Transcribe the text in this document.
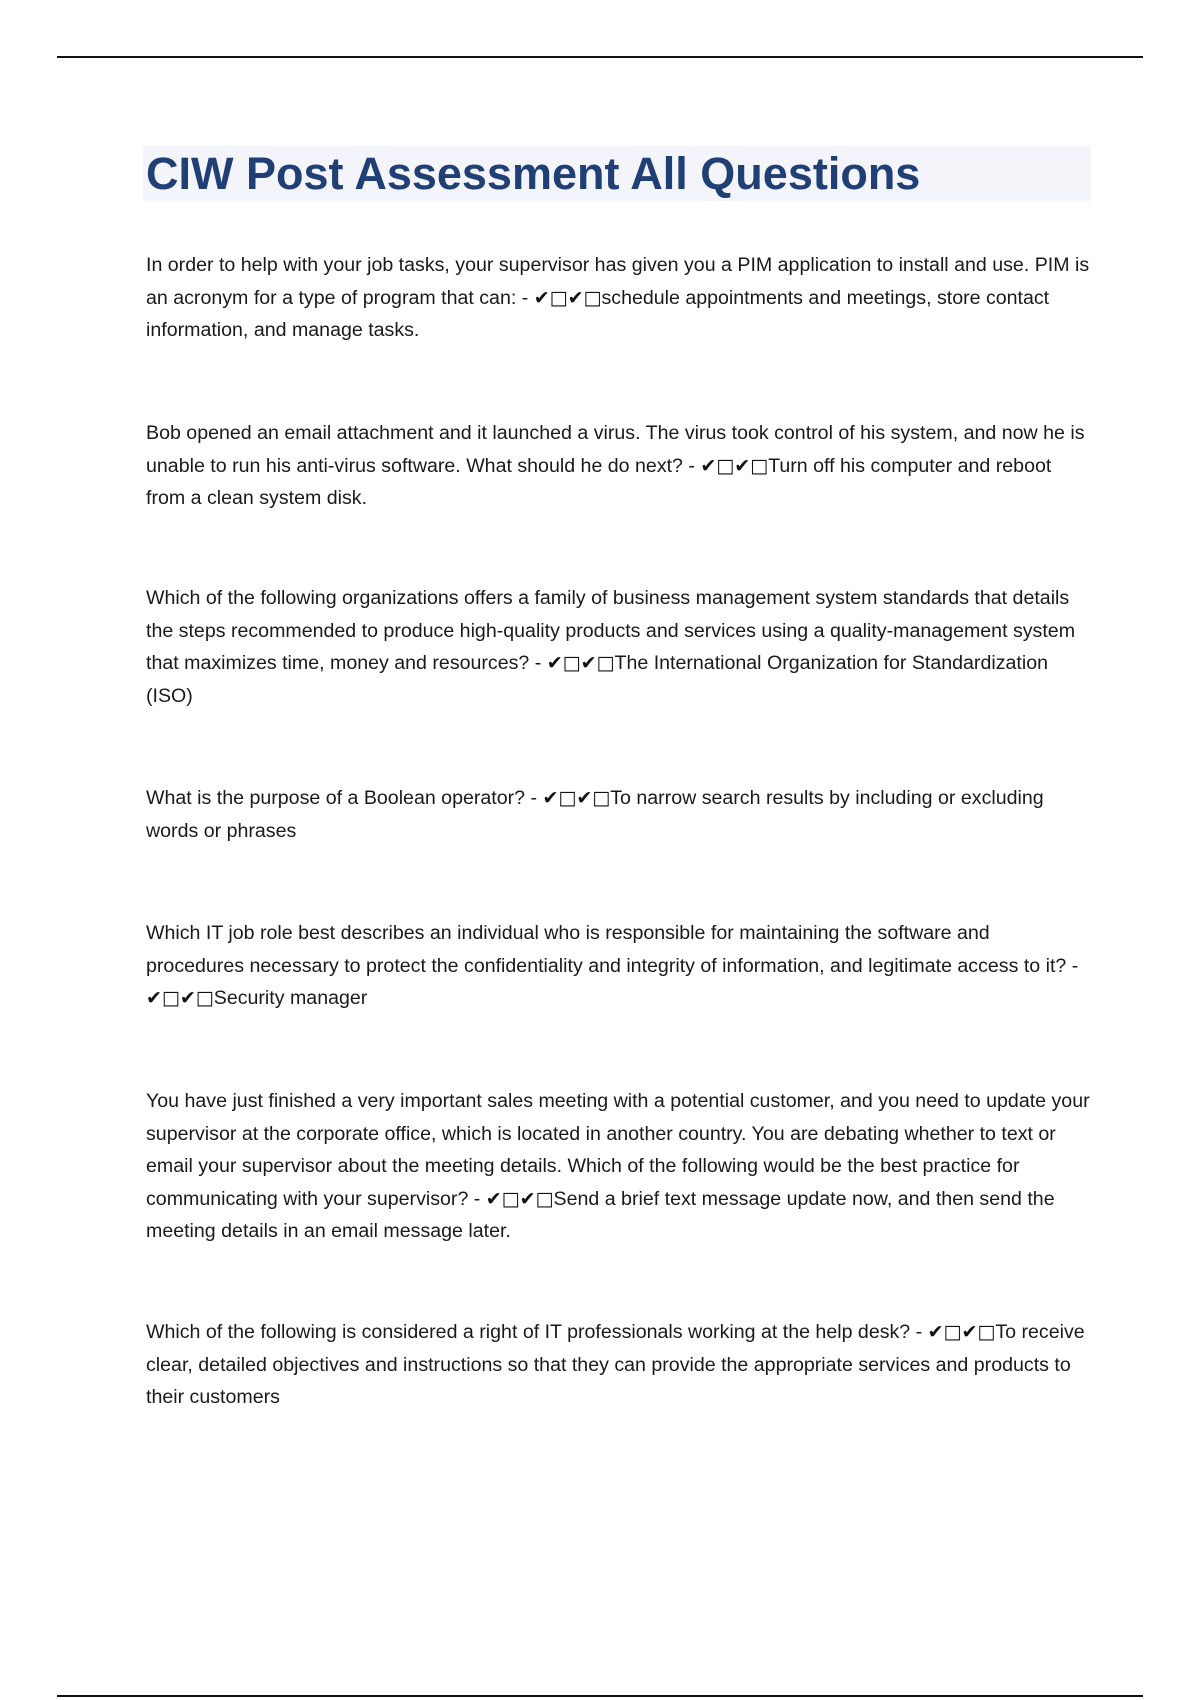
CIW Post Assessment All Questions

In order to help with your job tasks, your supervisor has given you a PIM application to install and use. PIM is an acronym for a type of program that can: - ✔□✔□schedule appointments and meetings, store contact information, and manage tasks.

Bob opened an email attachment and it launched a virus. The virus took control of his system, and now he is unable to run his anti-virus software. What should he do next? - ✔□✔□Turn off his computer and reboot from a clean system disk.

Which of the following organizations offers a family of business management system standards that details the steps recommended to produce high-quality products and services using a quality-management system that maximizes time, money and resources? - ✔□✔□The International Organization for Standardization (ISO)

What is the purpose of a Boolean operator? - ✔□✔□To narrow search results by including or excluding words or phrases

Which IT job role best describes an individual who is responsible for maintaining the software and procedures necessary to protect the confidentiality and integrity of information, and legitimate access to it? - ✔□✔□Security manager

You have just finished a very important sales meeting with a potential customer, and you need to update your supervisor at the corporate office, which is located in another country. You are debating whether to text or email your supervisor about the meeting details. Which of the following would be the best practice for communicating with your supervisor? - ✔□✔□Send a brief text message update now, and then send the meeting details in an email message later.

Which of the following is considered a right of IT professionals working at the help desk? - ✔□✔□To receive clear, detailed objectives and instructions so that they can provide the appropriate services and products to their customers
